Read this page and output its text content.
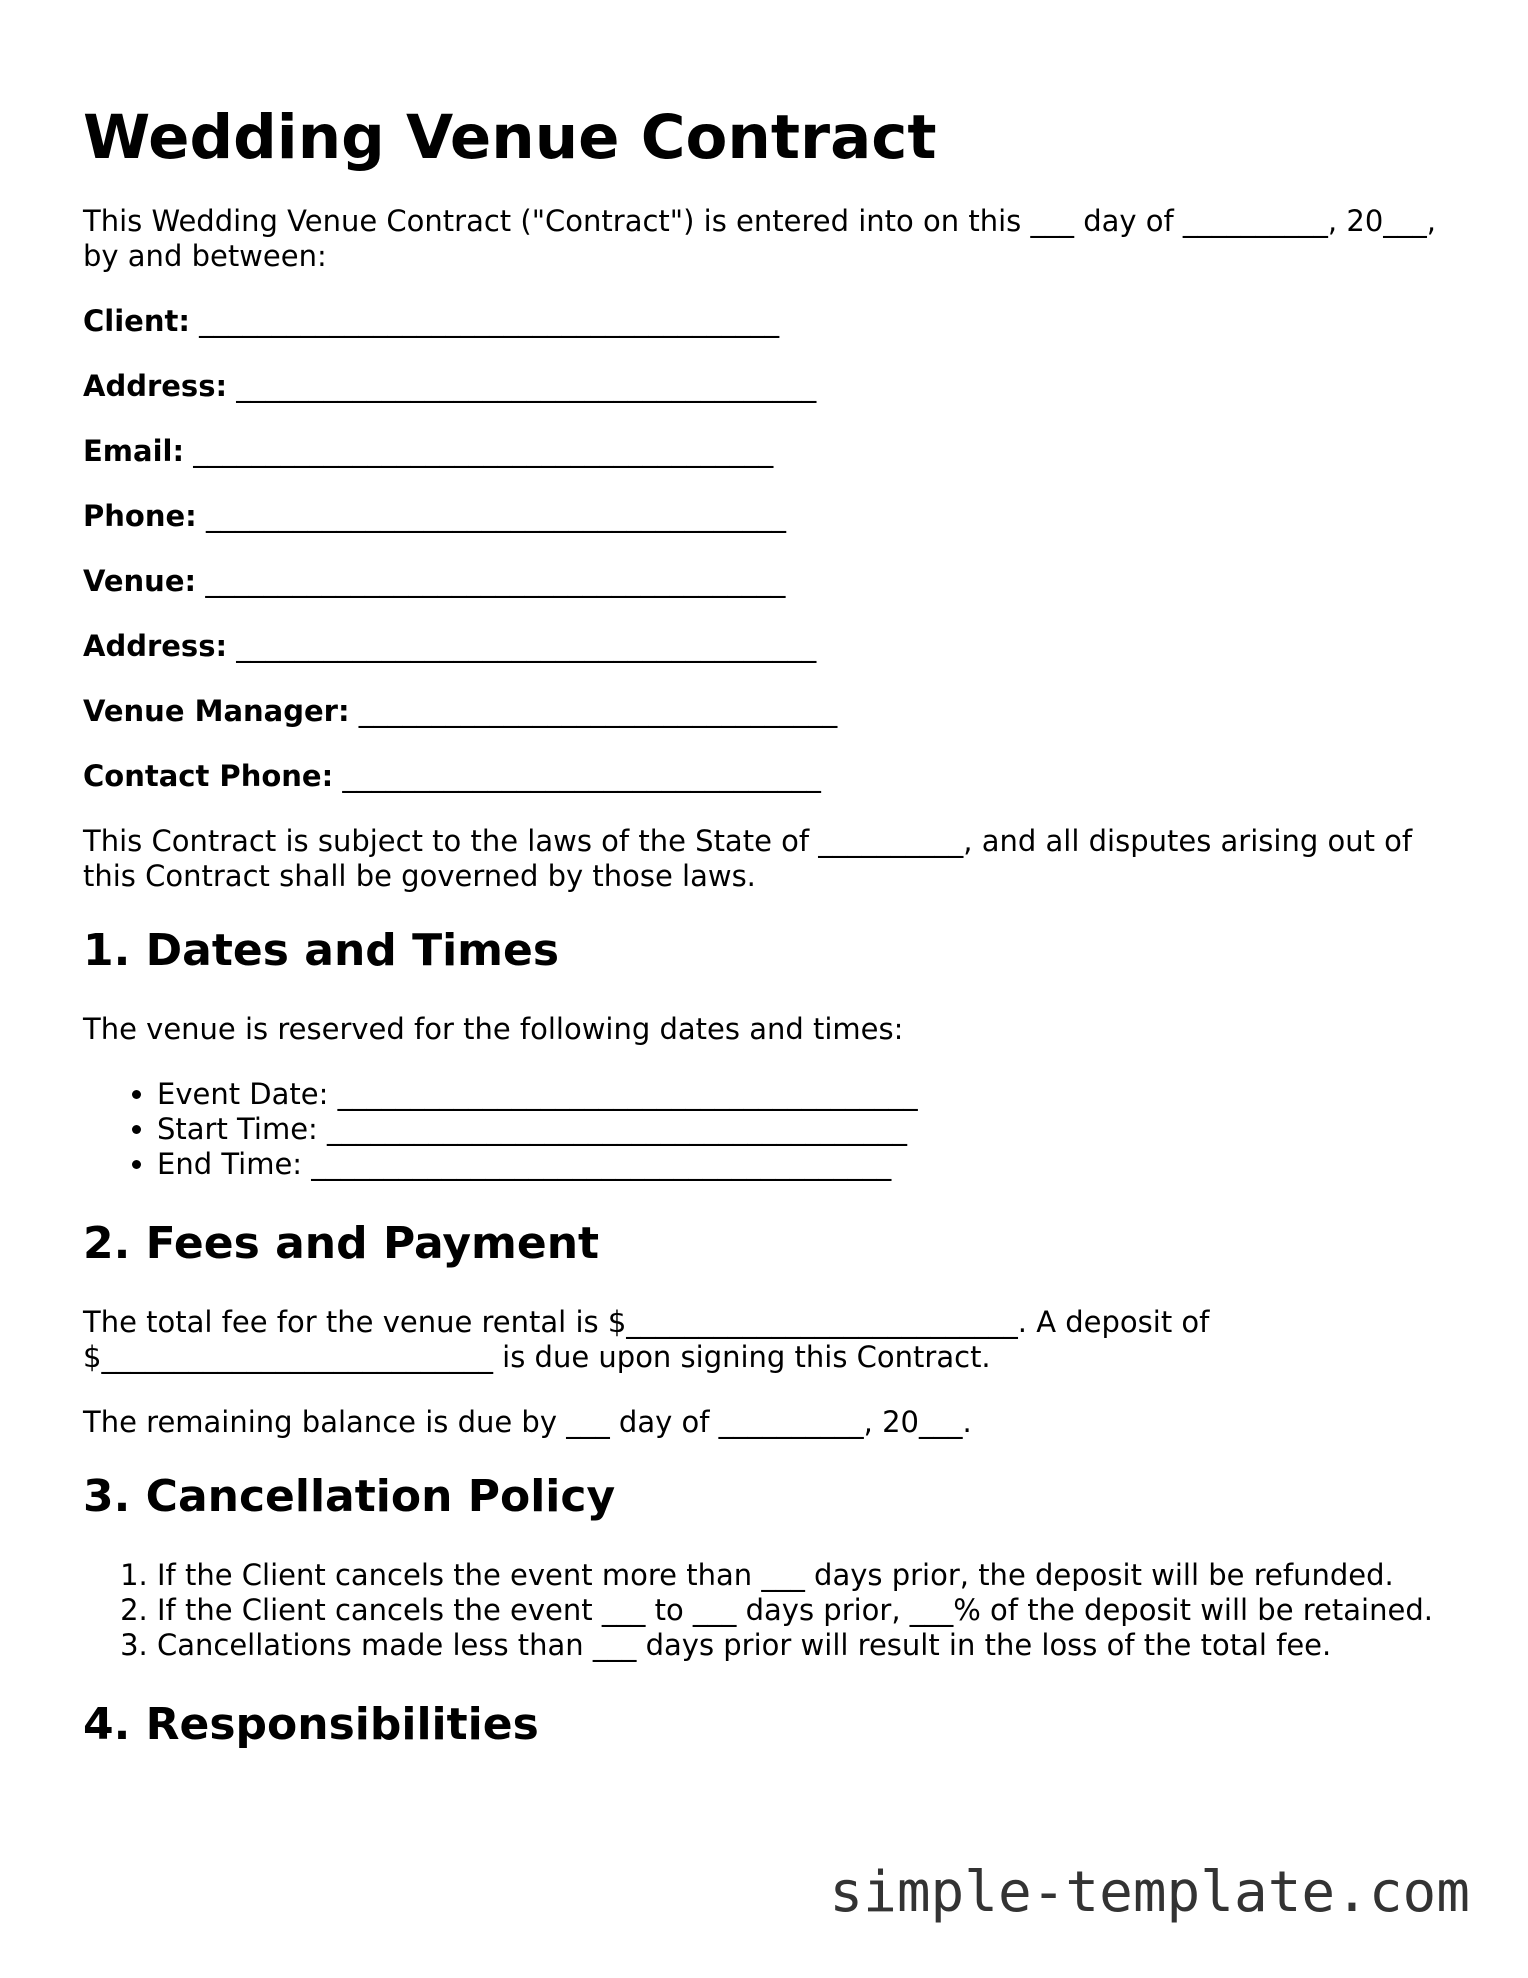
Wedding Venue Contract

This Wedding Venue Contract ("Contract") is entered into on this ___ day of __________, 20___, by and between:

Client: ________________________________________
Address: ________________________________________
Email: ________________________________________
Phone: ________________________________________
Venue: ________________________________________
Address: ________________________________________
Venue Manager: _________________________________
Contact Phone: _________________________________

This Contract is subject to the laws of the State of __________, and all disputes arising out of this Contract shall be governed by those laws.

1. Dates and Times

The venue is reserved for the following dates and times:

• Event Date: ________________________________________
• Start Time: ________________________________________
• End Time: ________________________________________
2. Fees and Payment

The total fee for the venue rental is $___________________________. A deposit of $___________________________ is due upon signing this Contract.

The remaining balance is due by ___ day of __________, 20___.

3. Cancellation Policy
1. If the Client cancels the event more than ___ days prior, the deposit will be refunded.
2. If the Client cancels the event ___ to ___ days prior, ___% of the deposit will be retained.
3. Cancellations made less than ___ days prior will result in the loss of the total fee.
4. Responsibilities
simple-template.com
